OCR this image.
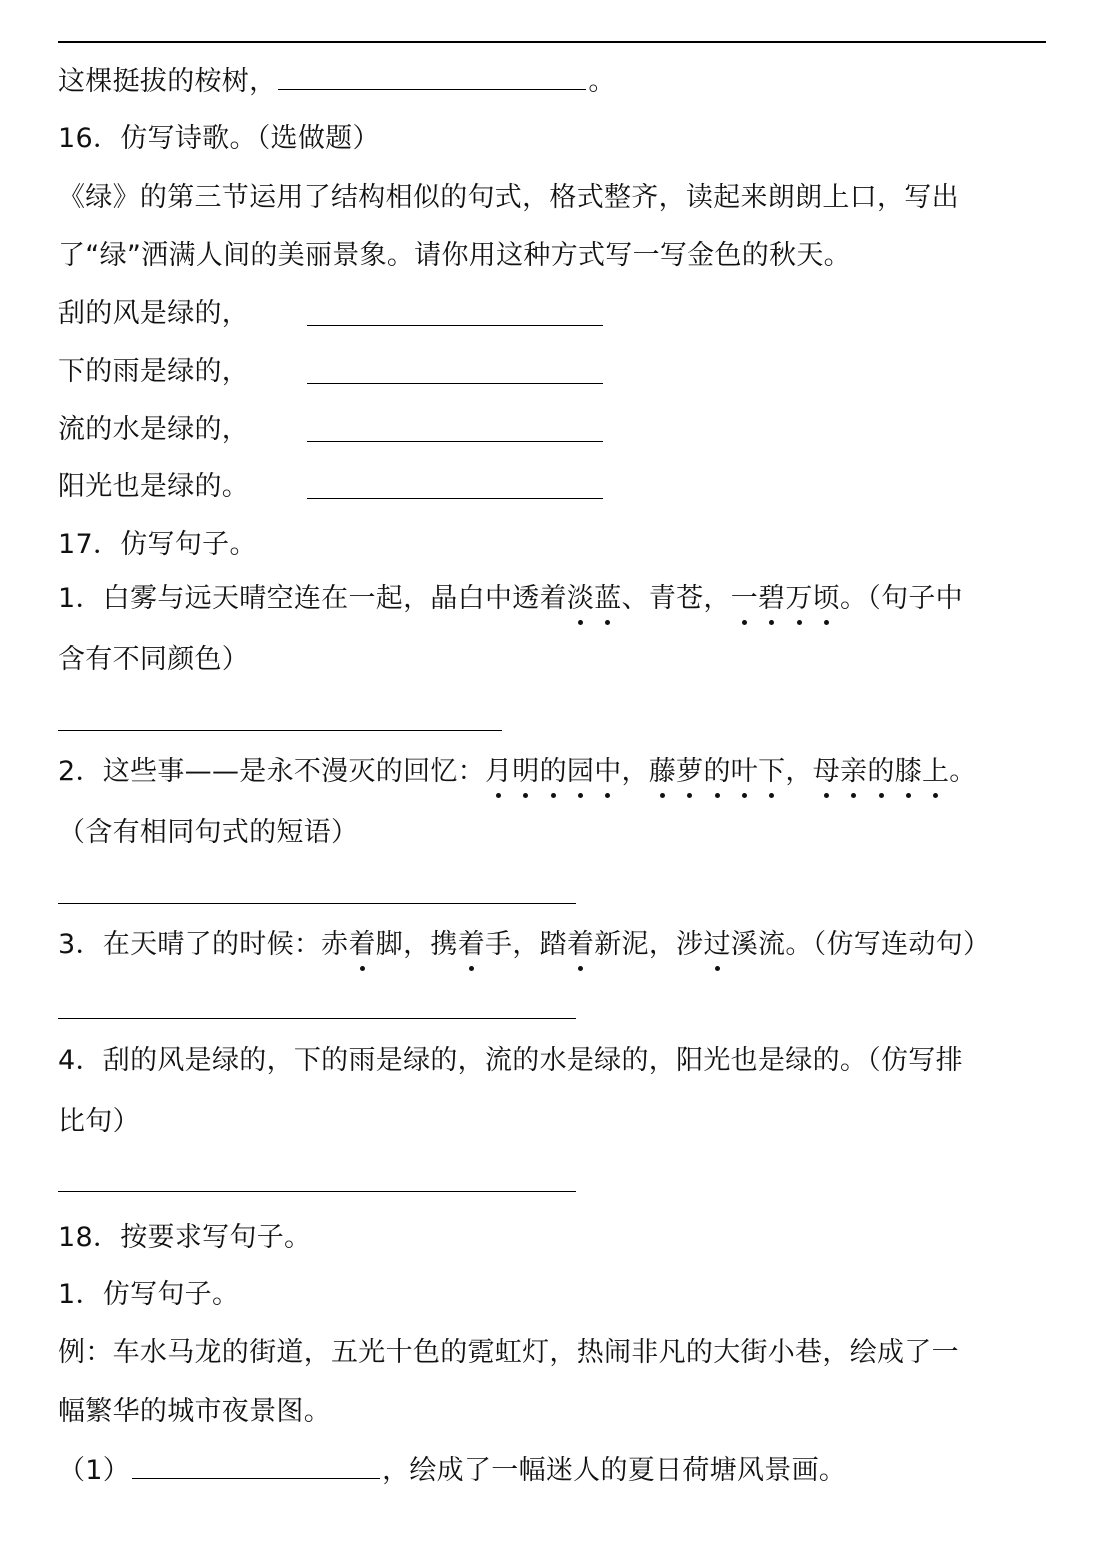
这棵挺拔的桉树，	。
16．仿写诗歌。（选做题）
《绿》的第三节运用了结构相似的句式，格式整齐，读起来朗朗上口，写出
了“绿”洒满人间的美丽景象。请你用这种方式写一写金色的秋天。
刮的风是绿的，
下的雨是绿的，
流的水是绿的，
阳光也是绿的。
17．仿写句子。
1．白雾与远天晴空连在一起，晶白中透着淡蓝、青苍，一碧万顷。（句子中
含有不同颜色）
2．这些事——是永不漫灭的回忆：月明的园中，藤萝的叶下，母亲的膝上。
（含有相同句式的短语）
3．在天晴了的时候：赤着脚，携着手，踏着新泥，涉过溪流。（仿写连动句）
4．刮的风是绿的，下的雨是绿的，流的水是绿的，阳光也是绿的。（仿写排
比句）
18．按要求写句子。
1．仿写句子。
例：车水马龙的街道，五光十色的霓虹灯，热闹非凡的大街小巷，绘成了一
幅繁华的城市夜景图。
（1）	，绘成了一幅迷人的夏日荷塘风景画。
